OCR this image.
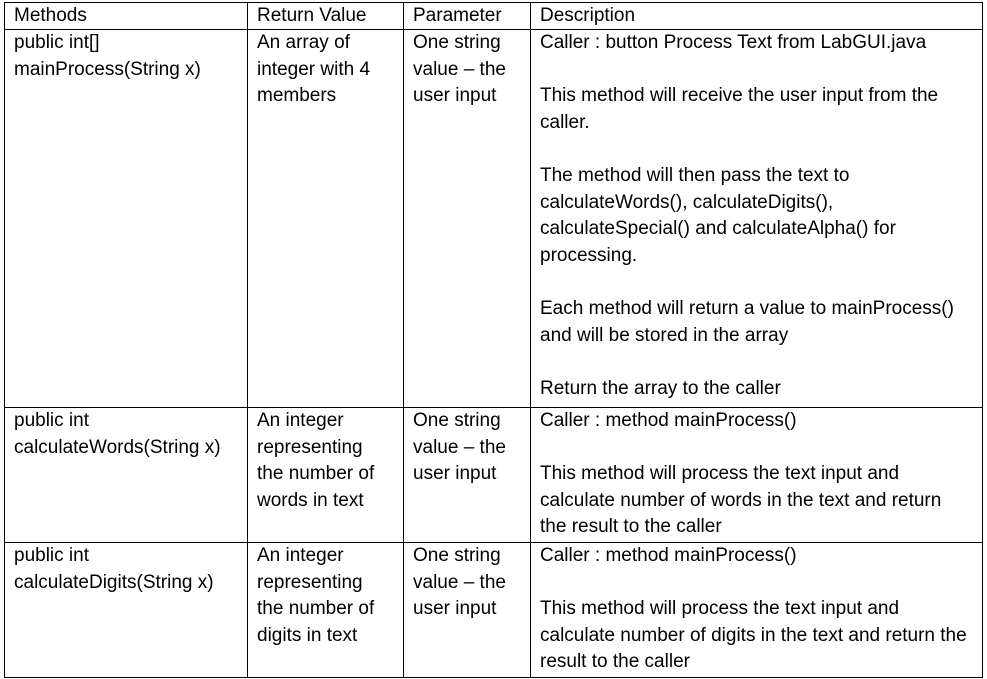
Methods	Return Value	Parameter	Description
public int[] mainProcess(String x)	An array of integer with 4 members	One string value – the user input	Caller : button Process Text from LabGUI.java

This method will receive the user input from the caller.

The method will then pass the text to calculateWords(), calculateDigits(), calculateSpecial() and calculateAlpha() for processing.

Each method will return a value to mainProcess() and will be stored in the array

Return the array to the caller

public int calculateWords(String x)	An integer representing the number of words in text	One string value – the user input	Caller : method mainProcess()

This method will process the text input and calculate number of words in the text and return the result to the caller

public int calculateDigits(String x)	An integer representing the number of digits in text	One string value – the user input	Caller : method mainProcess()

This method will process the text input and calculate number of digits in the text and return the result to the caller
